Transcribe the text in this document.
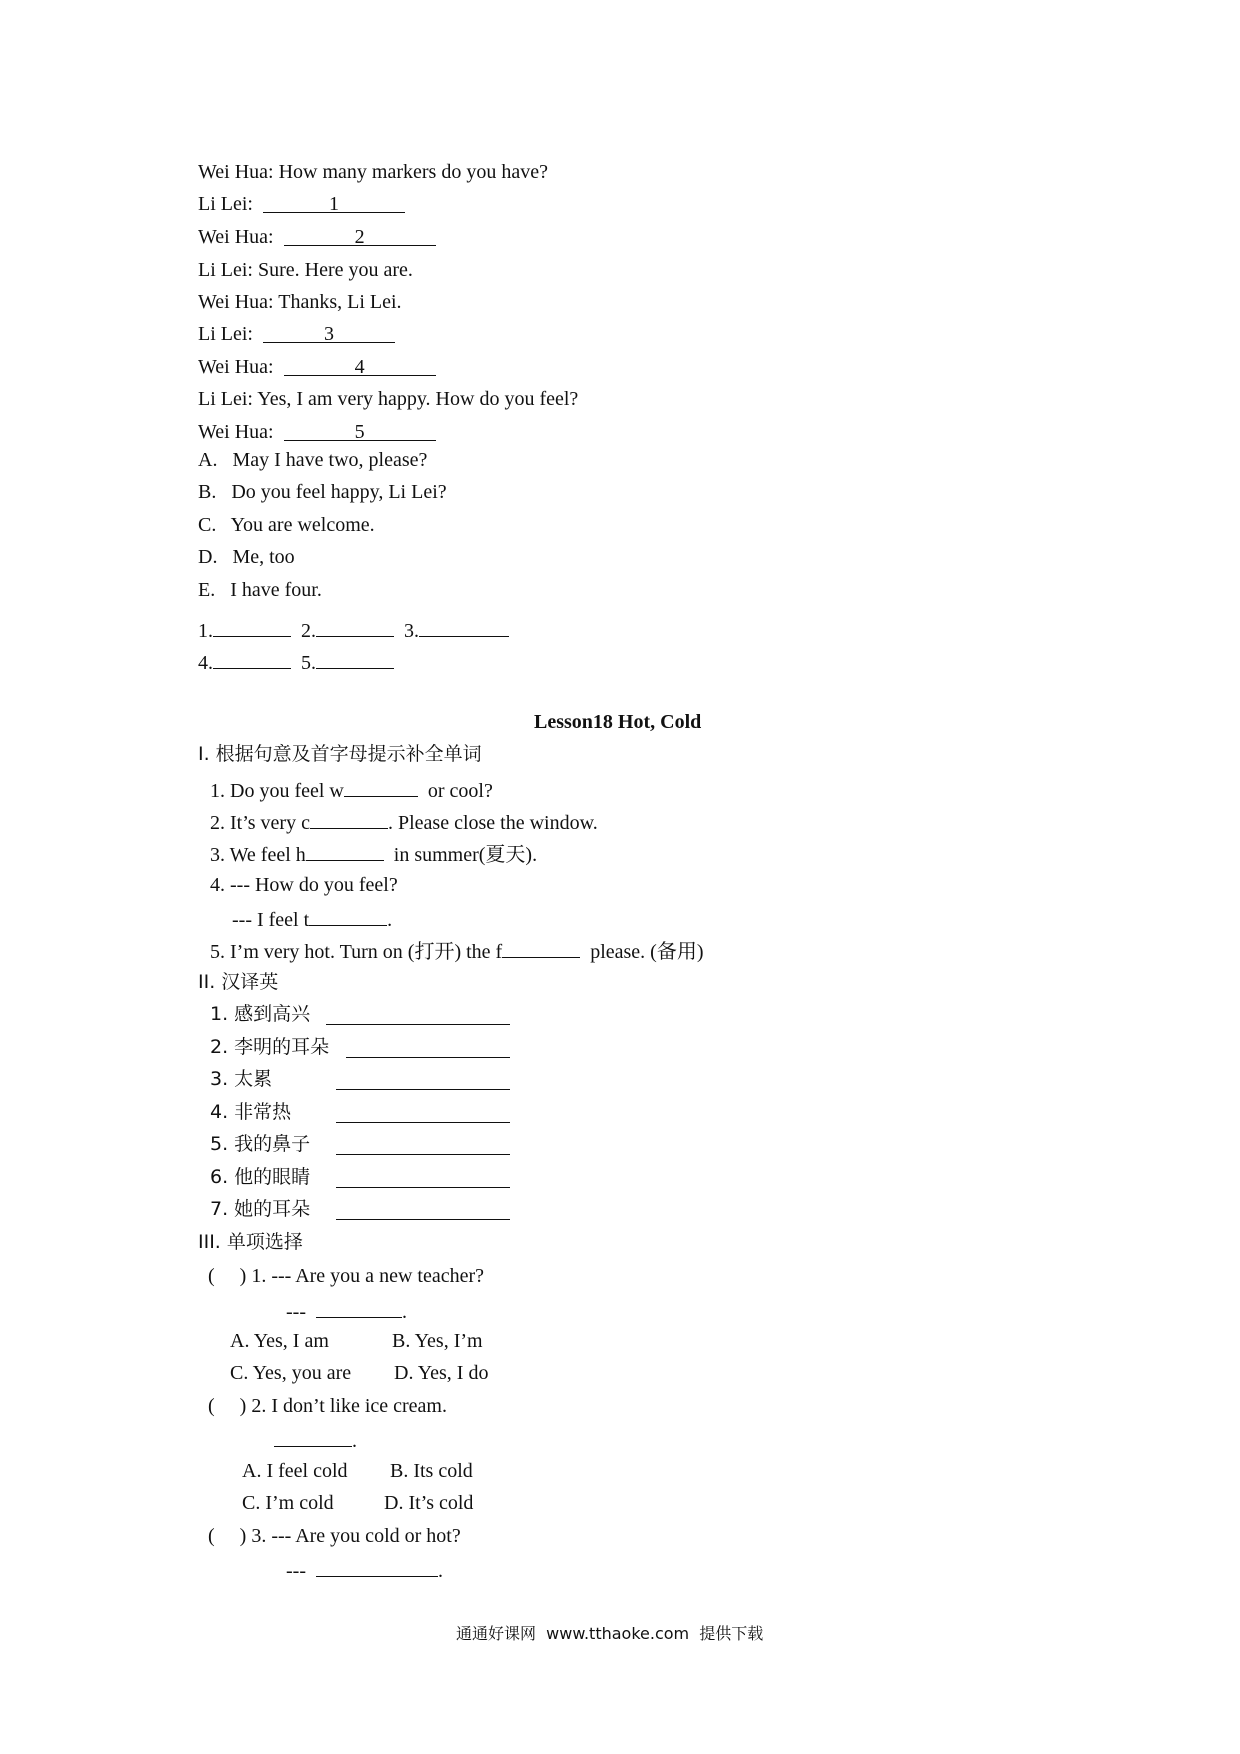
Wei Hua: How many markers do you have?
Li Lei:	1
Wei Hua:	2
Li Lei: Sure. Here you are.
Wei Hua: Thanks, Li Lei.
Li Lei:	3
Wei Hua:	4
Li Lei: Yes, I am very happy. How do you feel?
Wei Hua:	5
A. May I have two, please?
B. Do you feel happy, Li Lei?
C. You are welcome.
D. Me, too
E. I have four.
1.	2.	3.
4.	5.
Lesson18 Hot, Cold
I. 根据句意及首字母提示补全单词
1. Do you feel w	or cool?
2. It’s very c	. Please close the window.
3. We feel h	in summer(夏天).
4. --- How do you feel?
--- I feel t	.
5. I’m very hot. Turn on (打开) the f	please. (备用)
II. 汉译英
1. 感到高兴
2. 李明的耳朵
3. 太累
4. 非常热
5. 我的鼻子
6. 他的眼睛
7. 她的耳朵
III. 单项选择
(     ) 1. --- Are you a new teacher?
---	.
A. Yes, I am	B. Yes, I’m
C. Yes, you are D. Yes, I do
(     ) 2. I don’t like ice cream.
.
A. I feel cold B. Its cold
C. I’m cold	D. It’s cold
(     ) 3. --- Are you cold or hot?
---	.
通通好课网  www.tthaoke.com  提供下载
